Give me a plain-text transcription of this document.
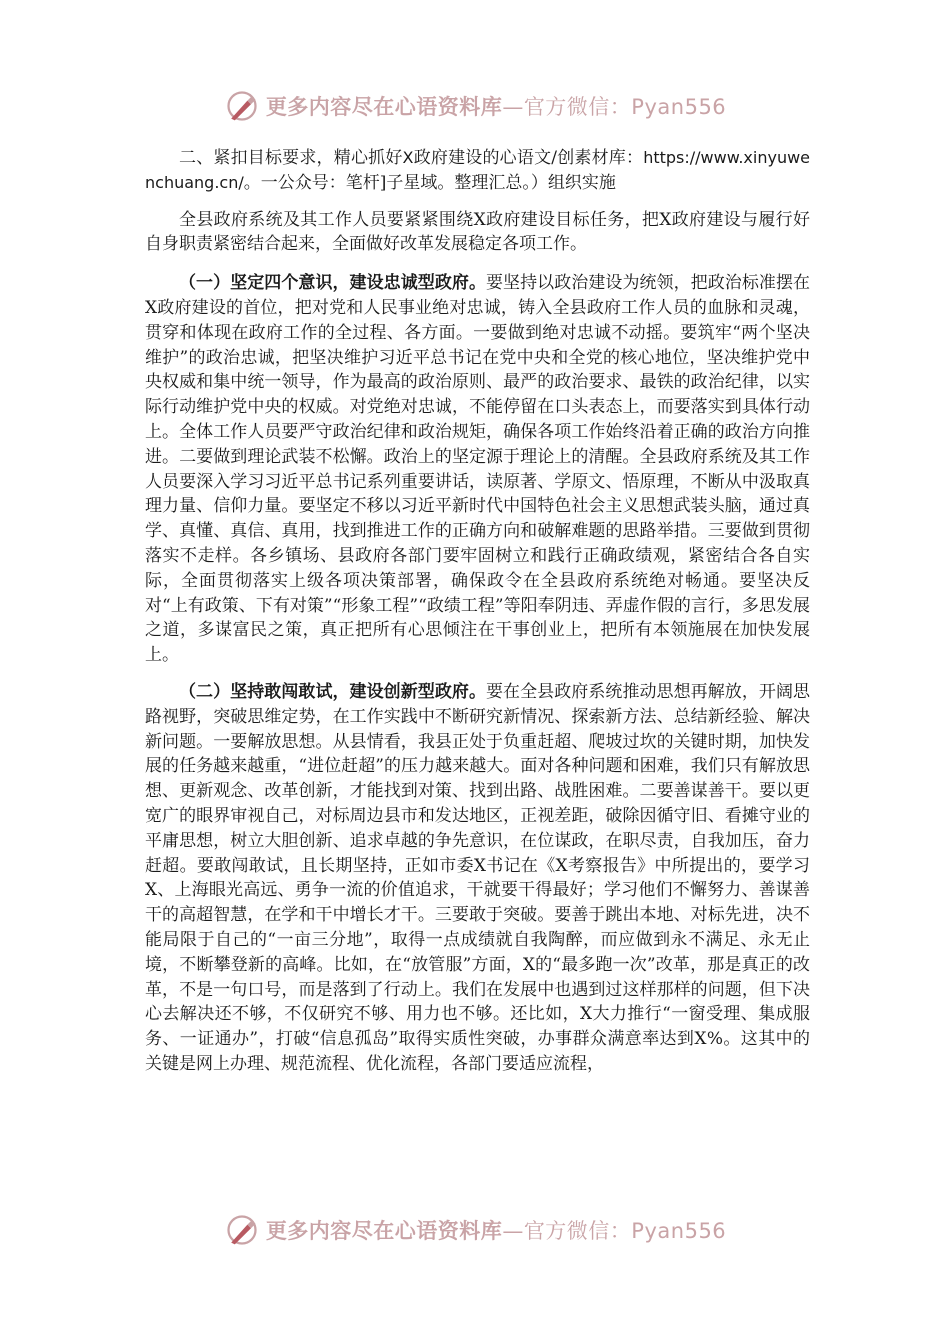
更多内容尽在心语资料库 —官方微信：Pyan556

二、紧扣目标要求，精心抓好X政府建设的心语文/创素材库：https://www.xinyuwenchuang.cn/。一公众号：笔杆]子星域。整理汇总。）组织实施

全县政府系统及其工作人员要紧紧围绕Ⅹ政府建设目标任务，把Ⅹ政府建设与履行好自身职责紧密结合起来，全面做好改革发展稳定各项工作。

（一）坚定四个意识，建设忠诚型政府。要坚持以政治建设为统领，把政治标准摆在Ⅹ政府建设的首位，把对党和人民事业绝对忠诚，铸入全县政府工作人员的血脉和灵魂，贯穿和体现在政府工作的全过程、各方面。一要做到绝对忠诚不动摇。要筑牢“两个坚决维护”的政治忠诚，把坚决维护习近平总书记在党中央和全党的核心地位，坚决维护党中央权威和集中统一领导，作为最高的政治原则、最严的政治要求、最铁的政治纪律，以实际行动维护党中央的权威。对党绝对忠诚，不能停留在口头表态上，而要落实到具体行动上。全体工作人员要严守政治纪律和政治规矩，确保各项工作始终沿着正确的政治方向推进。二要做到理论武装不松懈。政治上的坚定源于理论上的清醒。全县政府系统及其工作人员要深入学习习近平总书记系列重要讲话，读原著、学原文、悟原理，不断从中汲取真理力量、信仰力量。要坚定不移以习近平新时代中国特色社会主义思想武装头脑，通过真学、真懂、真信、真用，找到推进工作的正确方向和破解难题的思路举措。三要做到贯彻落实不走样。各乡镇场、县政府各部门要牢固树立和践行正确政绩观，紧密结合各自实际，全面贯彻落实上级各项决策部署，确保政令在全县政府系统绝对畅通。要坚决反对“上有政策、下有对策”“形象工程”“政绩工程”等阳奉阴违、弄虚作假的言行，多思发展之道，多谋富民之策，真正把所有心思倾注在干事创业上，把所有本领施展在加快发展上。

（二）坚持敢闯敢试，建设创新型政府。要在全县政府系统推动思想再解放，开阔思路视野，突破思维定势，在工作实践中不断研究新情况、探索新方法、总结新经验、解决新问题。一要解放思想。从县情看，我县正处于负重赶超、爬坡过坎的关键时期，加快发展的任务越来越重，“进位赶超”的压力越来越大。面对各种问题和困难，我们只有解放思想、更新观念、改革创新，才能找到对策、找到出路、战胜困难。二要善谋善干。要以更宽广的眼界审视自己，对标周边县市和发达地区，正视差距，破除因循守旧、看摊守业的平庸思想，树立大胆创新、追求卓越的争先意识，在位谋政，在职尽责，自我加压，奋力赶超。要敢闯敢试，且长期坚持，正如市委Ⅹ书记在《Ⅹ考察报告》中所提出的，要学习Ⅹ、上海眼光高远、勇争一流的价值追求，干就要干得最好；学习他们不懈努力、善谋善干的高超智慧，在学和干中增长才干。三要敢于突破。要善于跳出本地、对标先进，决不能局限于自己的“一亩三分地”，取得一点成绩就自我陶醉，而应做到永不满足、永无止境，不断攀登新的高峰。比如，在“放管服”方面，Ⅹ的“最多跑一次”改革，那是真正的改革，不是一句口号，而是落到了行动上。我们在发展中也遇到过这样那样的问题，但下决心去解决还不够，不仅研究不够、用力也不够。还比如，Ⅹ大力推行“一窗受理、集成服务、一证通办”，打破“信息孤岛”取得实质性突破，办事群众满意率达到Ⅹ%。这其中的关键是网上办理、规范流程、优化流程，各部门要适应流程，

更多内容尽在心语资料库 —官方微信：Pyan556
